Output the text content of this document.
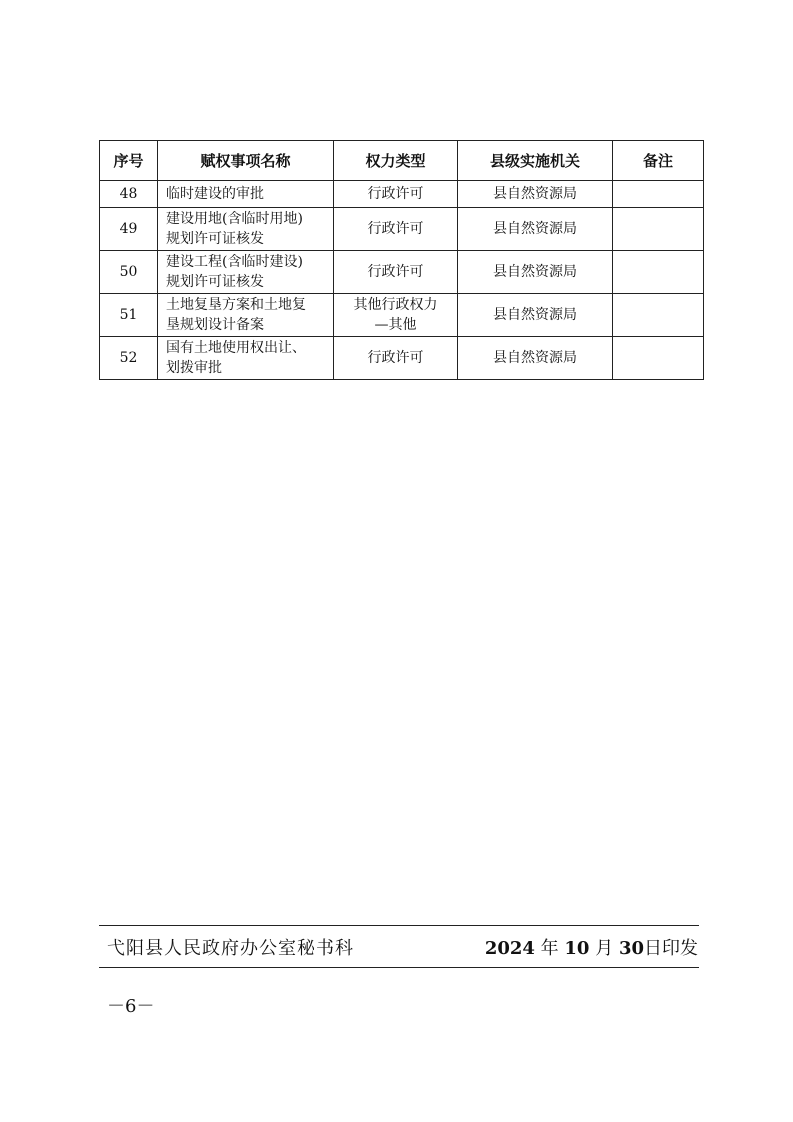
序号	赋权事项名称	权力类型	县级实施机关	备注
48	临时建设的审批	行政许可	县自然资源局	
49	建设用地(含临时用地)
规划许可证核发	行政许可	县自然资源局	
50	建设工程(含临时建设)
规划许可证核发	行政许可	县自然资源局	
51	土地复垦方案和土地复
垦规划设计备案	其他行政权力
—其他	县自然资源局	
52	国有土地使用权出让、
划拨审批	行政许可	县自然资源局	
弋阳县人民政府办公室秘书科	2024 年 10 月 30日印发
－6－
